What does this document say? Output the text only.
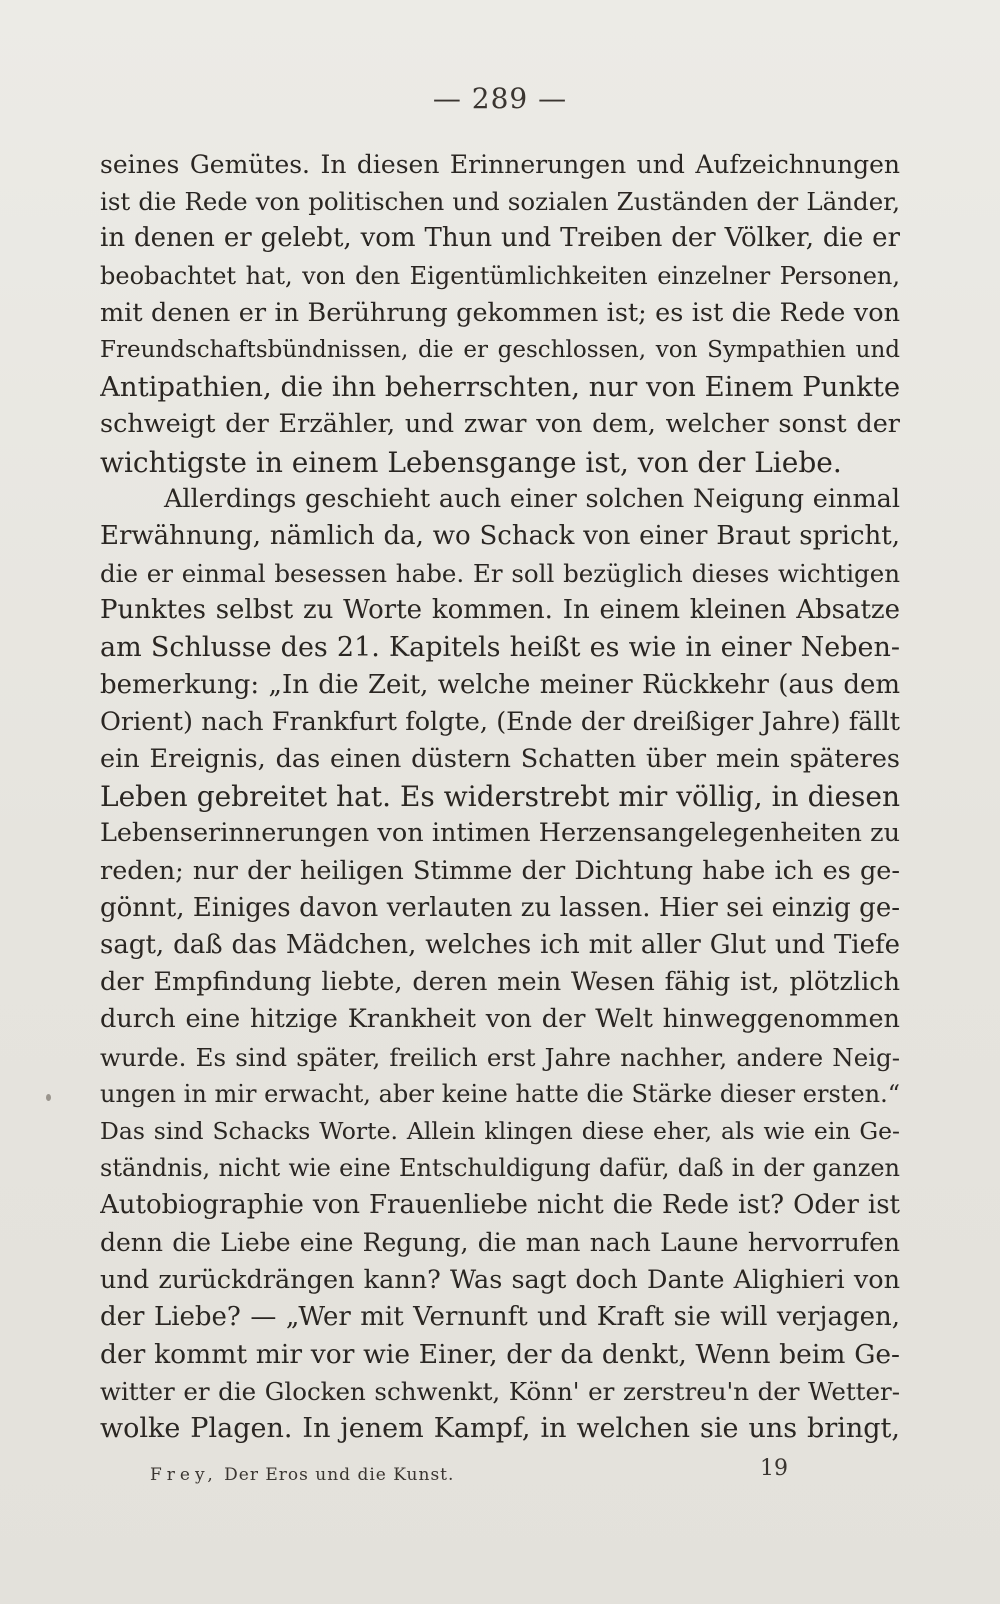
— 289 —
seines Gemütes. In diesen Erinnerungen und Aufzeichnungen
ist die Rede von politischen und sozialen Zuständen der Länder,
in denen er gelebt, vom Thun und Treiben der Völker, die er
beobachtet hat, von den Eigentümlichkeiten einzelner Personen,
mit denen er in Berührung gekommen ist; es ist die Rede von
Freundschaftsbündnissen, die er geschlossen, von Sympathien und
Antipathien, die ihn beherrschten, nur von Einem Punkte
schweigt der Erzähler, und zwar von dem, welcher sonst der
wichtigste in einem Lebensgange ist, von der Liebe.
Allerdings geschieht auch einer solchen Neigung einmal
Erwähnung, nämlich da, wo Schack von einer Braut spricht,
die er einmal besessen habe. Er soll bezüglich dieses wichtigen
Punktes selbst zu Worte kommen. In einem kleinen Absatze
am Schlusse des 21. Kapitels heißt es wie in einer Neben-
bemerkung: „In die Zeit, welche meiner Rückkehr (aus dem
Orient) nach Frankfurt folgte, (Ende der dreißiger Jahre) fällt
ein Ereignis, das einen düstern Schatten über mein späteres
Leben gebreitet hat. Es widerstrebt mir völlig, in diesen
Lebenserinnerungen von intimen Herzensangelegenheiten zu
reden; nur der heiligen Stimme der Dichtung habe ich es ge-
gönnt, Einiges davon verlauten zu lassen. Hier sei einzig ge-
sagt, daß das Mädchen, welches ich mit aller Glut und Tiefe
der Empfindung liebte, deren mein Wesen fähig ist, plötzlich
durch eine hitzige Krankheit von der Welt hinweggenommen
wurde. Es sind später, freilich erst Jahre nachher, andere Neig-
ungen in mir erwacht, aber keine hatte die Stärke dieser ersten.“
Das sind Schacks Worte. Allein klingen diese eher, als wie ein Ge-
ständnis, nicht wie eine Entschuldigung dafür, daß in der ganzen
Autobiographie von Frauenliebe nicht die Rede ist? Oder ist
denn die Liebe eine Regung, die man nach Laune hervorrufen
und zurückdrängen kann? Was sagt doch Dante Alighieri von
der Liebe? — „Wer mit Vernunft und Kraft sie will verjagen,
der kommt mir vor wie Einer, der da denkt, Wenn beim Ge-
witter er die Glocken schwenkt, Könn' er zerstreu'n der Wetter-
wolke Plagen. In jenem Kampf, in welchen sie uns bringt,
Frey, Der Eros und die Kunst.	19
